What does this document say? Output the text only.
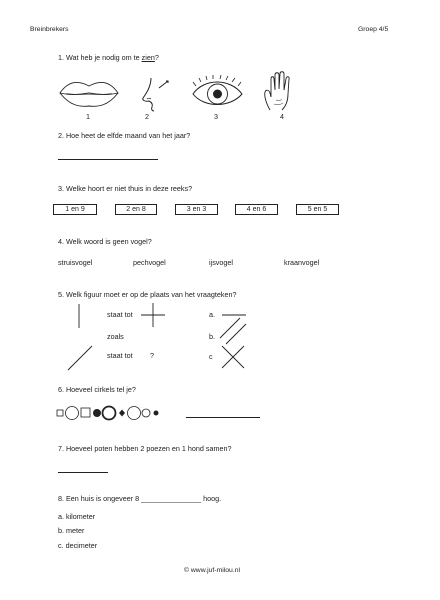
Breinbrekers	Groep 4/5
1. Wat heb je nodig om te zien?
1	2	3	4
2. Hoe heet de elfde maand van het jaar?
3. Welke hoort er niet thuis in deze reeks?
1 en 9	2 en 8	3 en 3	4 en 6	5 en 5
4. Welk woord is geen vogel?
struisvogel	pechvogel	ijsvogel	kraanvogel
5. Welk figuur moet er op de plaats van het vraagteken?
staat tot
zoals
staat tot ?
a.
b.
c
6. Hoeveel cirkels tel je?
7. Hoeveel poten hebben 2 poezen en 1 hond samen?
8. Een huis is ongeveer 8 _______________ hoog.
a. kilometer
b. meter
c. decimeter
© www.juf-milou.nl
